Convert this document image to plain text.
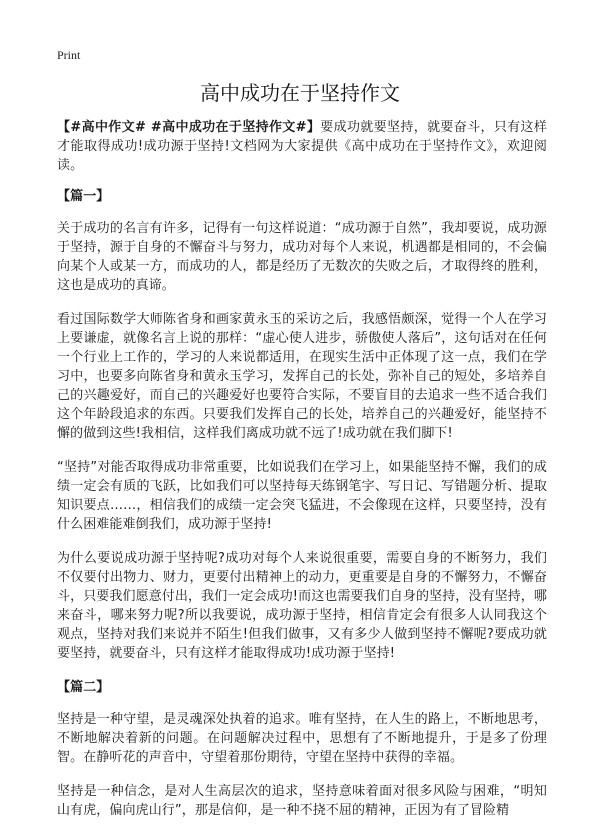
Print
高中成功在于坚持作文

【#高中作文# #高中成功在于坚持作文#】要成功就要坚持，就要奋斗，只有这样才能取得成功!成功源于坚持!文档网为大家提供《高中成功在于坚持作文》，欢迎阅读。

【篇一】

关于成功的名言有许多，记得有一句这样说道：“成功源于自然”，我却要说，成功源于坚持，源于自身的不懈奋斗与努力，成功对每个人来说，机遇都是相同的，不会偏向某个人或某一方，而成功的人，都是经历了无数次的失败之后，才取得终的胜利，这也是成功的真谛。

看过国际数学大师陈省身和画家黄永玉的采访之后，我感悟颇深，觉得一个人在学习上要谦虚，就像名言上说的那样：“虚心使人进步，骄傲使人落后”，这句话对在任何一个行业上工作的，学习的人来说都适用，在现实生活中正体现了这一点，我们在学习中，也要多向陈省身和黄永玉学习，发挥自己的长处，弥补自己的短处，多培养自己的兴趣爱好，而自己的兴趣爱好也要符合实际，不要盲目的去追求一些不适合我们这个年龄段追求的东西。只要我们发挥自己的长处，培养自己的兴趣爱好，能坚持不懈的做到这些!我相信，这样我们离成功就不远了!成功就在我们脚下!

“坚持”对能否取得成功非常重要，比如说我们在学习上，如果能坚持不懈，我们的成绩一定会有质的飞跃，比如我们可以坚持每天练钢笔字、写日记、写错题分析、提取知识要点……，相信我们的成绩一定会突飞猛进，不会像现在这样，只要坚持，没有什么困难能难倒我们，成功源于坚持!

为什么要说成功源于坚持呢?成功对每个人来说很重要，需要自身的不断努力，我们不仅要付出物力、财力，更要付出精神上的动力，更重要是自身的不懈努力，不懈奋斗，只要我们愿意付出，我们一定会成功!而这也需要我们自身的坚持，没有坚持，哪来奋斗，哪来努力呢?所以我要说，成功源于坚持，相信肯定会有很多人认同我这个观点，坚持对我们来说并不陌生!但我们做事，又有多少人做到坚持不懈呢?要成功就要坚持，就要奋斗，只有这样才能取得成功!成功源于坚持!

【篇二】

坚持是一种守望，是灵魂深处执着的追求。唯有坚持，在人生的路上，不断地思考，不断地解决着新的问题。在问题解决过程中，思想有了不断地提升，于是多了份理智。在静听花的声音中，守望着那份期待，守望在坚持中获得的幸福。

坚持是一种信念，是对人生高层次的追求，坚持意味着面对很多风险与困难，“明知山有虎，偏向虎山行”，那是信仰，是一种不挠不屈的精神，正因为有了冒险精
